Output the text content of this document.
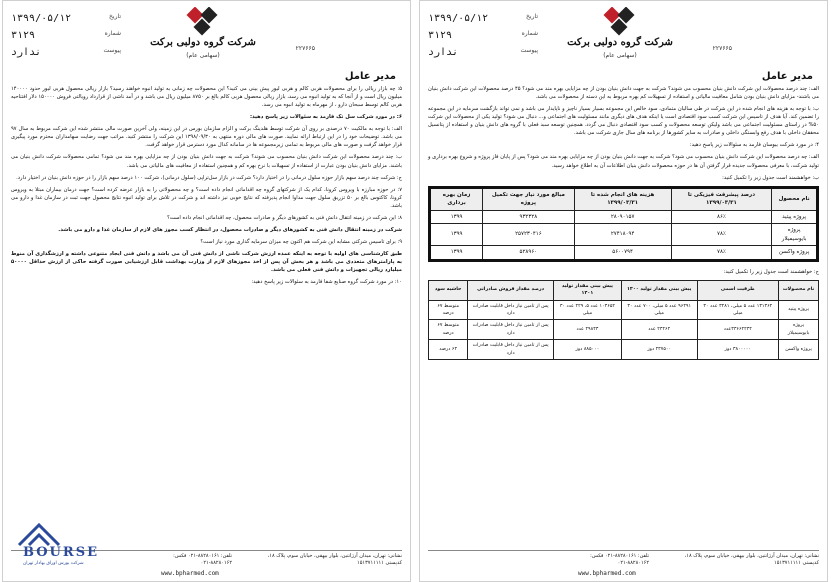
تاریخ
۱۳۹۹/۰۵/۱۲
شماره
۳۱۲۹
پیوست
ندارد
شرکت گروه دولبی برکت
(سهامی عام)
۲۲۷۶۶۵
مدیر عامل

۵: چه بازار ریالی را برای محصولات هربی کالم و هربی لیور پیش بینی می کنید؟ این محصولات چه زمانی به تولید انبوه خواهند رسید؟ بازار ریالی محصول هربی لیور حدود ۱۴۰۰۰۰ میلیون ریال است و از آنجا که به تولید انبوه می رسد، بازار ریالی محصول هربی کالم بالغ بر ۸۷۵۰ میلیون ریال می باشد و در آمد ناشی از قرارداد رویالتی فروش ۱۵۰۰۰۰ دلار افتتاحیه هربی کالم توسط سبحان دارو ، از مهرماه به تولید انبوه می رسد.

۶: در مورد شرکت سل تک فارمد به سئوالات زیر پاسخ دهید:

الف: با توجه به مالکیت ۷۰ درصدی بر روی آن شرکت توسط هلدینگ برکت و الزام سازمان بورس در این زمینه، ولی آخرین صورت مالی منتشر شده این شرکت مربوط به سال ۹۷ می باشد. توضیحات خود را در این ارتباط ارائه نمایید. صورت های مالی دوره منتهی به ۱۳۹۸/۰۹/۳۰ این شرکت را منتشر کنید. مراتب جهت رضایت سهامداران محترم مورد پیگیری قرار خواهد گرفت و صورت های مالی مربوط به تمامی زیرمجموعه ها در سامانه کدال مورد دسترس قرار خواهد گرفت.

ب: چند درصد محصولات این شرکت دانش بنیان محسوب می شوند؟ شرکت به جهت دانش بنیان بودن از چه مزایایی بهره مند می شود؟ تمامی محصولات شرکت دانش بنیان می باشند. مزایای دانش بنیان بودن عبارت از استفاده از تسهیلات با نرخ بهره کم و همچنین استفاده از معافیت های مالیاتی می باشد.

ج: شرکت چند درصد سهم بازار حوزه سلول درمانی را در اختیار دارد؟ شرکت در بازار سل‌تراپی (سلول درمانی)، شرکت ۱۰۰ درصد سهم بازار را در حوزه دانش بنیان در اختیار دارد.

۷: در حوزه مبارزه با ویروس کرونا، کدام یک از شرکتهای گروه چه اقداماتی انجام داده است؟ و چه محصولاتی را به بازار عرضه کرده است؟ جهت درمان بیماران مبتلا به ویروس کرونا، کاکتوس بالغ بر ۵۰ تزریق سلول جهت مداوا انجام پذیرفته که نتایج خوبی نیز داشته اند و شرکت در تلاش برای تولید انبوه نتایج محصول جهت ثبت در سازمان غذا و دارو می باشد.

۸: این شرکت در زمینه انتقال دانش فنی به کشورهای دیگر و صادرات محصول، چه اقداماتی انجام داده است؟

شرکت در زمینه انتقال دانش فنی به کشورهای دیگر و صادرات محصول، در انتظار کسب مجوز های لازم از سازمان غذا و دارو می باشد.

۹: برای تاسیس شرکتی مشابه این شرکت هم اکنون چه میزان سرمایه گذاری مورد نیاز است؟

طبق کارشناسی های اولیه با توجه به اینکه عمده ارزش شرکت ناشی از دانش فنی آن می باشد و دانش فنی ایجاد متنوعی داشته و ارزشگذاری آن منوط به پارامترهای متعددی می باشد و هر بخش آن پس از اخذ مجوزهای لازم از وزارت بهداشت قابل ارزشیابی صورت گرفته حاکی از ارزش حداقل ۵۰۰۰۰ میلیارد ریالی تجهیزات و دانش فنی فعلی می باشد.

۱۰: در مورد شرکت گروه صنایع شفا فارمد به سئوالات زیر پاسخ دهید:

BOURSE
شرکت بورس اوراق بهادار تهران
نشانی: تهران، میدان آرژانتین، بلوار بیهقی، خیابان سوم، پلاک ۱۸، کدپستی ۱۵۱۳۷۱۱۱۱۱
تلفن: ۸۸۲۸۰۱۶۱-۰۲۱ فکس: ۸۸۲۸۰۱۶۲-۰۲۱
www.bpharmed.com
تاریخ
۱۳۹۹/۰۵/۱۲
شماره
۳۱۲۹
پیوست
ندارد
شرکت گروه دولبی برکت
(سهامی عام)
۲۲۷۶۶۵
مدیر عامل

الف: چند درصد محصولات این شرکت دانش بنیان محسوب می شوند؟ شرکت به جهت دانش بنیان بودن از چه مزایایی بهره مند می شود؟ ۴۵ درصد محصولات این شرکت دانش بنیان می باشند- مزایای دانش بنیان بودن شامل معافیت مالیاتی و استفاده از تسهیلات کم بهره مربوط به این دسته از محصولات می باشد.

ب: با توجه به هزینه های انجام شده در این شرکت در طی سالیان متمادی، سود خالص این مجموعه بسیار بسیار ناچیز و ناپایدار می باشد و نمی تواند بازگشت سرمایه در این مجموعه را تضمین کند. آیا هدف از تاسیس این شرکت کسب سود اقتصادی است یا اینکه هدف های دیگری مانند مسئولیت های اجتماعی و... دنبال می شود؟ تولید یکی از محصولات این شرکت ۵۰% در راستای مسئولیت اجتماعی می باشد ولیکن توسعه محصولات و کسب سود اقتصادی دنبال می گردد. همچنین توسعه سبد فعلی با گروه های دانش بنیان و استفاده از پتانسیل محققان داخلی با هدف رفع وابستگی داخلی و صادرات به سایر کشورها از برنامه های سال جاری شرکت می باشد.

۴: در مورد شرکت بیوسان فارمد به سئوالات زیر پاسخ دهید:

الف: چه درصد محصولات این شرکت دانش بنیان محسوب می شود؟ شرکت به جهت دانش بنیان بودن از چه مزایایی بهره مند می شود؟ پس از پایان فاز پروژه و شروع بهره برداری و تولید شرکت، با معرفی محصولات جدیده قرار گرفتن آن ها در حوزه محصولات دانش بنیان اطلاعات آن به اطلاع خواهد رسید.

ب: خواهشمند است جدول زیر را تکمیل کنید:

نام محصول	درصد پیشرفت فیزیکی تا ۱۳۹۹/۰۳/۳۱	هزینه های انجام شده تا ۱۳۹۹/۰۳/۳۱	مبالغ مورد نیاز جهت تکمیل پروژه	زمان بهره برداری
پروژه پیتید	۸۶٪	۲۸۰۹۰۱۵۷	۹۳۲۳۲۸	۱۳۹۹
پروژه بایوسیمیلار	۷۸٪	۲۷۴۱۸۰۹۴	۲۵۷۲۳۰۴۱۶	۱۳۹۹
پروژه واکسن	۷۸٪	۵۶۰۰۷۹۴	۵۲۸۹۶۰	۱۳۹۹

ج: خواهشمند است جدول زیر را تکمیل کنید:

نام محصولات	ظرفیت اسمی	پیش بینی مقدار تولید ۱۴۰۰	پیش بینی مقدار تولید ۱۴۰۱	درصد مقدار فروش صادراتی	حاشیه سود
پروژه پیتید	۱۳۱۳۶۲ عدد ۵ میلی، ۳۲۸۱ عدد ۳۰ میلی	۹۶۴۹۱ عدد ۵ میلی، ۷۰۰ عدد ۳۰ میلی	۱۰۳۶۵۲ عدد ۵، ۲۲۹ عدد ۳۰ میلی	پس از تامین نیاز داخل قابلیت صادرات دارد	متوسط ۶۷ درصد
پروژه بایوسیمیلار	۳۳۶۶۲۲۴۴عدد	۲۴۴۶۲ عدد	۲۹۸۴۳ عدد	پس از تامین نیاز داخل قابلیت صادرات دارد	متوسط ۶۷ درصد
پروژه واکسن	۳۸۰۰۰۰۰ دوز	۲۳۷۵۰۰ دوز	۸۸۵۰۰۰ دوز	پس از تامین نیاز داخل قابلیت صادرات دارد	۶۴ درصد
نشانی: تهران، میدان آرژانتین، بلوار بیهقی، خیابان سوم، پلاک ۱۸، کدپستی ۱۵۱۳۷۱۱۱۱۱
تلفن: ۸۸۲۸۰۱۶۱-۰۲۱ فکس: ۸۸۲۸۰۱۶۲-۰۲۱
www.bpharmed.com
